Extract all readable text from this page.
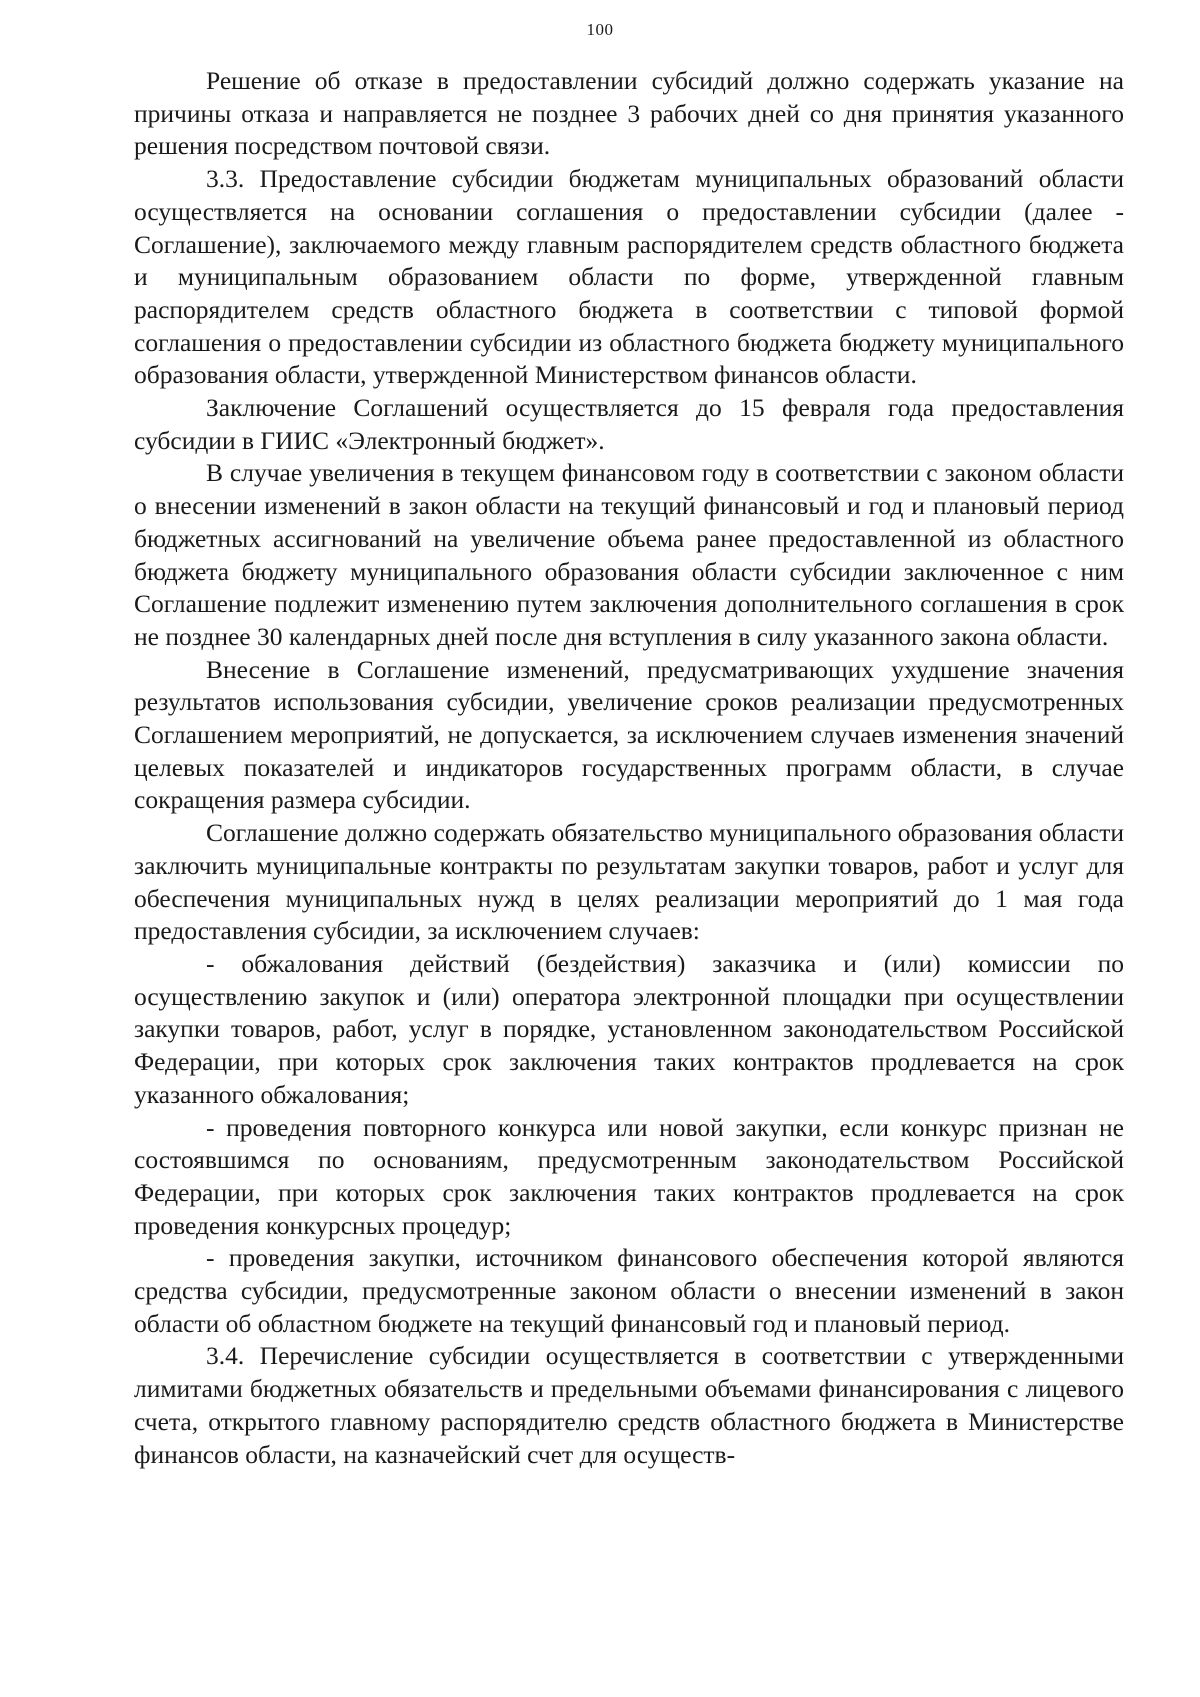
100

Решение об отказе в предоставлении субсидий должно содержать указание на причины отказа и направляется не позднее 3 рабочих дней со дня принятия указанного решения посредством почтовой связи.

3.3. Предоставление субсидии бюджетам муниципальных образований области осуществляется на основании соглашения о предоставлении субсидии (далее - Соглашение), заключаемого между главным распорядителем средств областного бюджета и муниципальным образованием области по форме, утвержденной главным распорядителем средств областного бюджета в соответствии с типовой формой соглашения о предоставлении субсидии из областного бюджета бюджету муниципального образования области, утвержденной Министерством финансов области.

Заключение Соглашений осуществляется до 15 февраля года предоставления субсидии в ГИИС «Электронный бюджет».

В случае увеличения в текущем финансовом году в соответствии с законом области о внесении изменений в закон области на текущий финансовый и год и плановый период бюджетных ассигнований на увеличение объема ранее предоставленной из областного бюджета бюджету муниципального образования области субсидии заключенное с ним Соглашение подлежит изменению путем заключения дополнительного соглашения в срок не позднее 30 календарных дней после дня вступления в силу указанного закона области.

Внесение в Соглашение изменений, предусматривающих ухудшение значения результатов использования субсидии, увеличение сроков реализации предусмотренных Соглашением мероприятий, не допускается, за исключением случаев изменения значений целевых показателей и индикаторов государственных программ области, в случае сокращения размера субсидии.

Соглашение должно содержать обязательство муниципального образования области заключить муниципальные контракты по результатам закупки товаров, работ и услуг для обеспечения муниципальных нужд в целях реализации мероприятий до 1 мая года предоставления субсидии, за исключением случаев:

- обжалования действий (бездействия) заказчика и (или) комиссии по осуществлению закупок и (или) оператора электронной площадки при осуществлении закупки товаров, работ, услуг в порядке, установленном законодательством Российской Федерации, при которых срок заключения таких контрактов продлевается на срок указанного обжалования;

- проведения повторного конкурса или новой закупки, если конкурс признан не состоявшимся по основаниям, предусмотренным законодательством Российской Федерации, при которых срок заключения таких контрактов продлевается на срок проведения конкурсных процедур;

- проведения закупки, источником финансового обеспечения которой являются средства субсидии, предусмотренные законом области о внесении изменений в закон области об областном бюджете на текущий финансовый год и плановый период.

3.4. Перечисление субсидии осуществляется в соответствии с утвержденными лимитами бюджетных обязательств и предельными объемами финансирования с лицевого счета, открытого главному распорядителю средств областного бюджета в Министерстве финансов области, на казначейский счет для осуществ-
